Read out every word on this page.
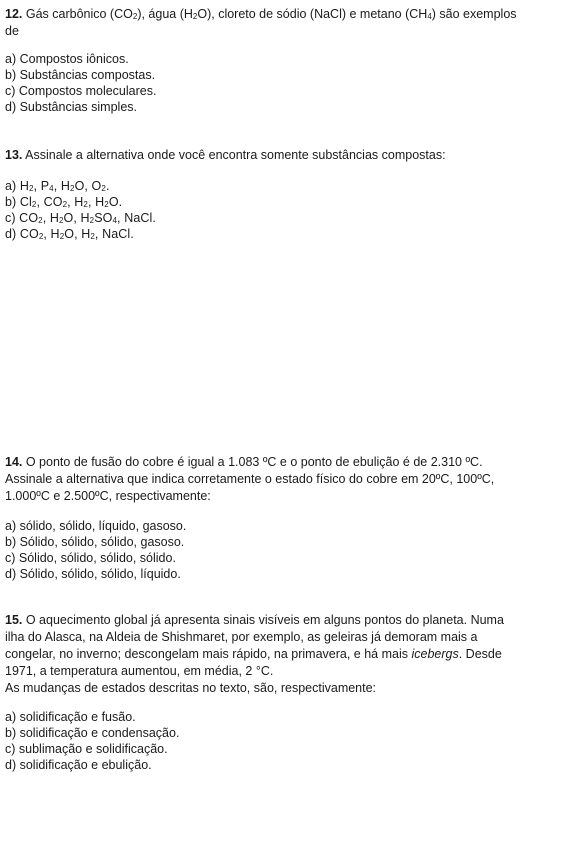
12. Gás carbônico $(CO_2)$, água $(H_2O)$, cloreto de sódio (NaCl) e metano $(CH_4)$ são exemplos
de
a) Compostos iônicos.
b) Substâncias compostas.
c) Compostos moleculares.
d) Substâncias simples.
13. Assinale a alternativa onde você encontra somente substâncias compostas:
a) $H_2$, $P_4$, $H_2O$, $O_2$.
b) $Cl_2$, $CO_2$, $H_2$, $H_2O$.
c) $CO_2$, $H_2O$, $H_2SO_4$, NaCl.
d) $CO_2$, $H_2O$, $H_2$, NaCl.
14. O ponto de fusão do cobre é igual a 1.083 ºC e o ponto de ebulição é de 2.310 ºC.
Assinale a alternativa que indica corretamente o estado físico do cobre em 20ºC, 100ºC,
1.000ºC e 2.500ºC, respectivamente:
a) sólido, sólido, líquido, gasoso.
b) Sólido, sólido, sólido, gasoso.
c) Sólido, sólido, sólido, sólido.
d) Sólido, sólido, sólido, líquido.
15. O aquecimento global já apresenta sinais visíveis em alguns pontos do planeta. Numa
ilha do Alasca, na Aldeia de Shishmaret, por exemplo, as geleiras já demoram mais a
congelar, no inverno; descongelam mais rápido, na primavera, e há mais icebergs. Desde
1971, a temperatura aumentou, em média, 2 °C.
As mudanças de estados descritas no texto, são, respectivamente:
a) solidificação e fusão.
b) solidificação e condensação.
c) sublimação e solidificação.
d) solidificação e ebulição.
